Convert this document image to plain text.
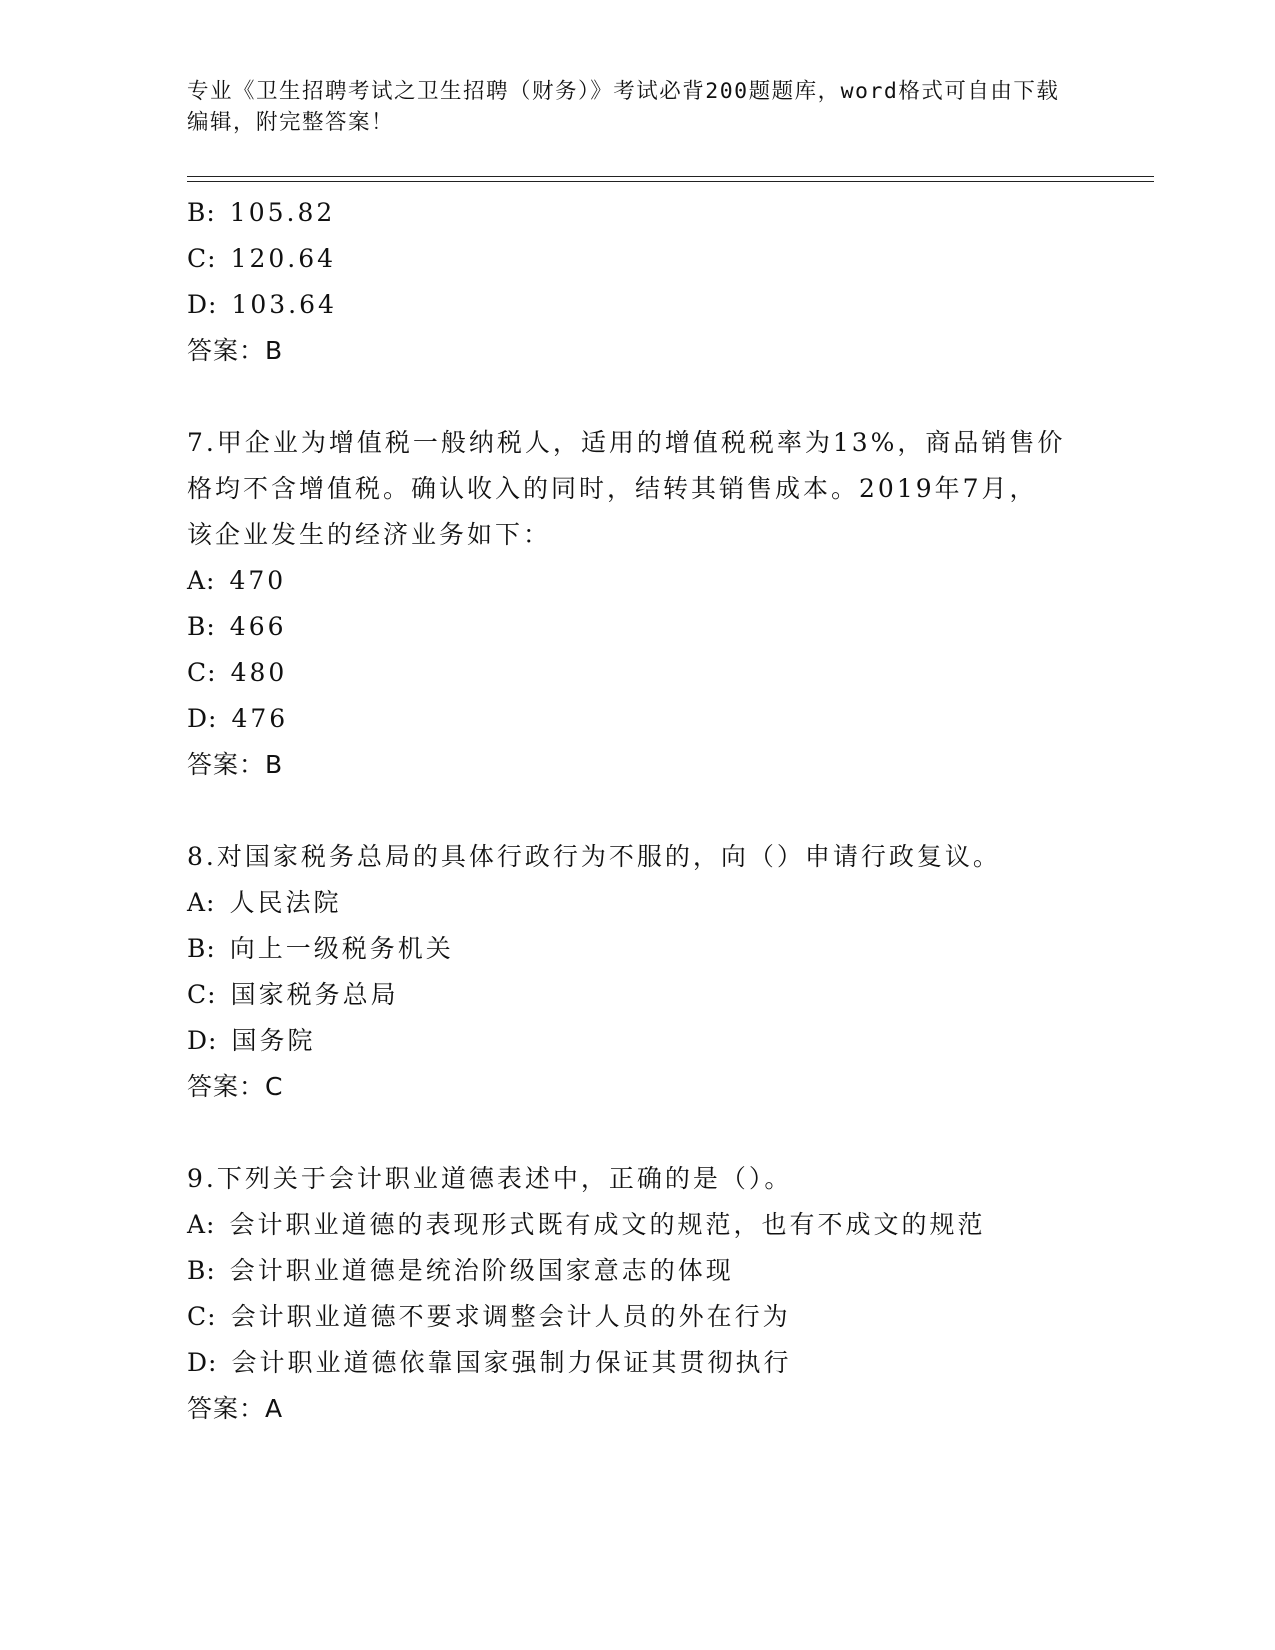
专业《卫生招聘考试之卫生招聘（财务）》考试必背200题题库，word格式可自由下载编辑，附完整答案！
B: 105.82
C: 120.64
D: 103.64
答案：B
7.甲企业为增值税一般纳税人，适用的增值税税率为13%，商品销售价
格均不含增值税。确认收入的同时，结转其销售成本。2019年7月，
该企业发生的经济业务如下：
A: 470
B: 466
C: 480
D: 476
答案：B
8.对国家税务总局的具体行政行为不服的，向（）申请行政复议。
A: 人民法院
B: 向上一级税务机关
C: 国家税务总局
D: 国务院
答案：C
9.下列关于会计职业道德表述中，正确的是（）。
A: 会计职业道德的表现形式既有成文的规范，也有不成文的规范
B: 会计职业道德是统治阶级国家意志的体现
C: 会计职业道德不要求调整会计人员的外在行为
D: 会计职业道德依靠国家强制力保证其贯彻执行
答案：A
